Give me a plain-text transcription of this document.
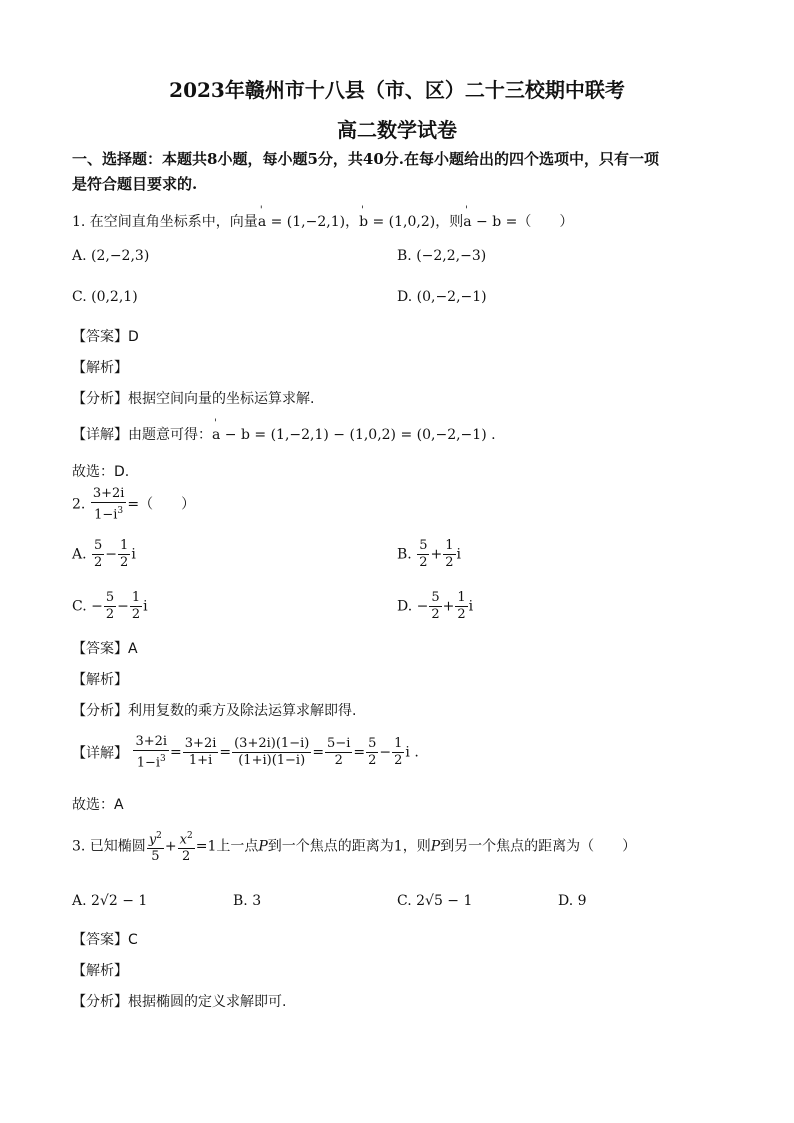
2023年赣州市十八县（市、区）二十三校期中联考
高二数学试卷
一、选择题：本题共8小题，每小题5分，共40分.在每小题给出的四个选项中，只有一项
是符合题目要求的.
1. 在空间直角坐标系中，向量' a = (1,−2,1)，' b = (1,0,2)，则' a − b =（　　）
A. (2,−2,3)	B. (−2,2,−3)
C. (0,2,1)	D. (0,−2,−1)
【答案】D
【解析】
【分析】根据空间向量的坐标运算求解.
【详解】由题意可得：' a − b = (1,−2,1) − (1,0,2) = (0,−2,−1) .
故选：D.
2. $\frac{3+2i}{1-i^3}$ =（　　）
A. $\frac{5}{2} - \frac{1}{2}$ i	B. $\frac{5}{2} + \frac{1}{2}$ i
C. − $\frac{5}{2} - \frac{1}{2}$ i	D. − $\frac{5}{2} + \frac{1}{2}$ i
【答案】A
【解析】
【分析】利用复数的乘方及除法运算求解即得.
【详解】 $\frac{3+2i}{1-i^3} = \frac{3+2i}{1+i} = \frac{(3+2i)(1-i)}{(1+i)(1-i)} = \frac{5-i}{2} = \frac{5}{2} - \frac{1}{2}$ i .
故选：A
3. 已知椭圆 $\frac{y^2}{5} + \frac{x^2}{2} =1$上一点P到一个焦点的距离为1，则P到另一个焦点的距离为（　　）
A. 2√2 − 1	B. 3	C. 2√5 − 1	D. 9
【答案】C
【解析】
【分析】根据椭圆的定义求解即可.
